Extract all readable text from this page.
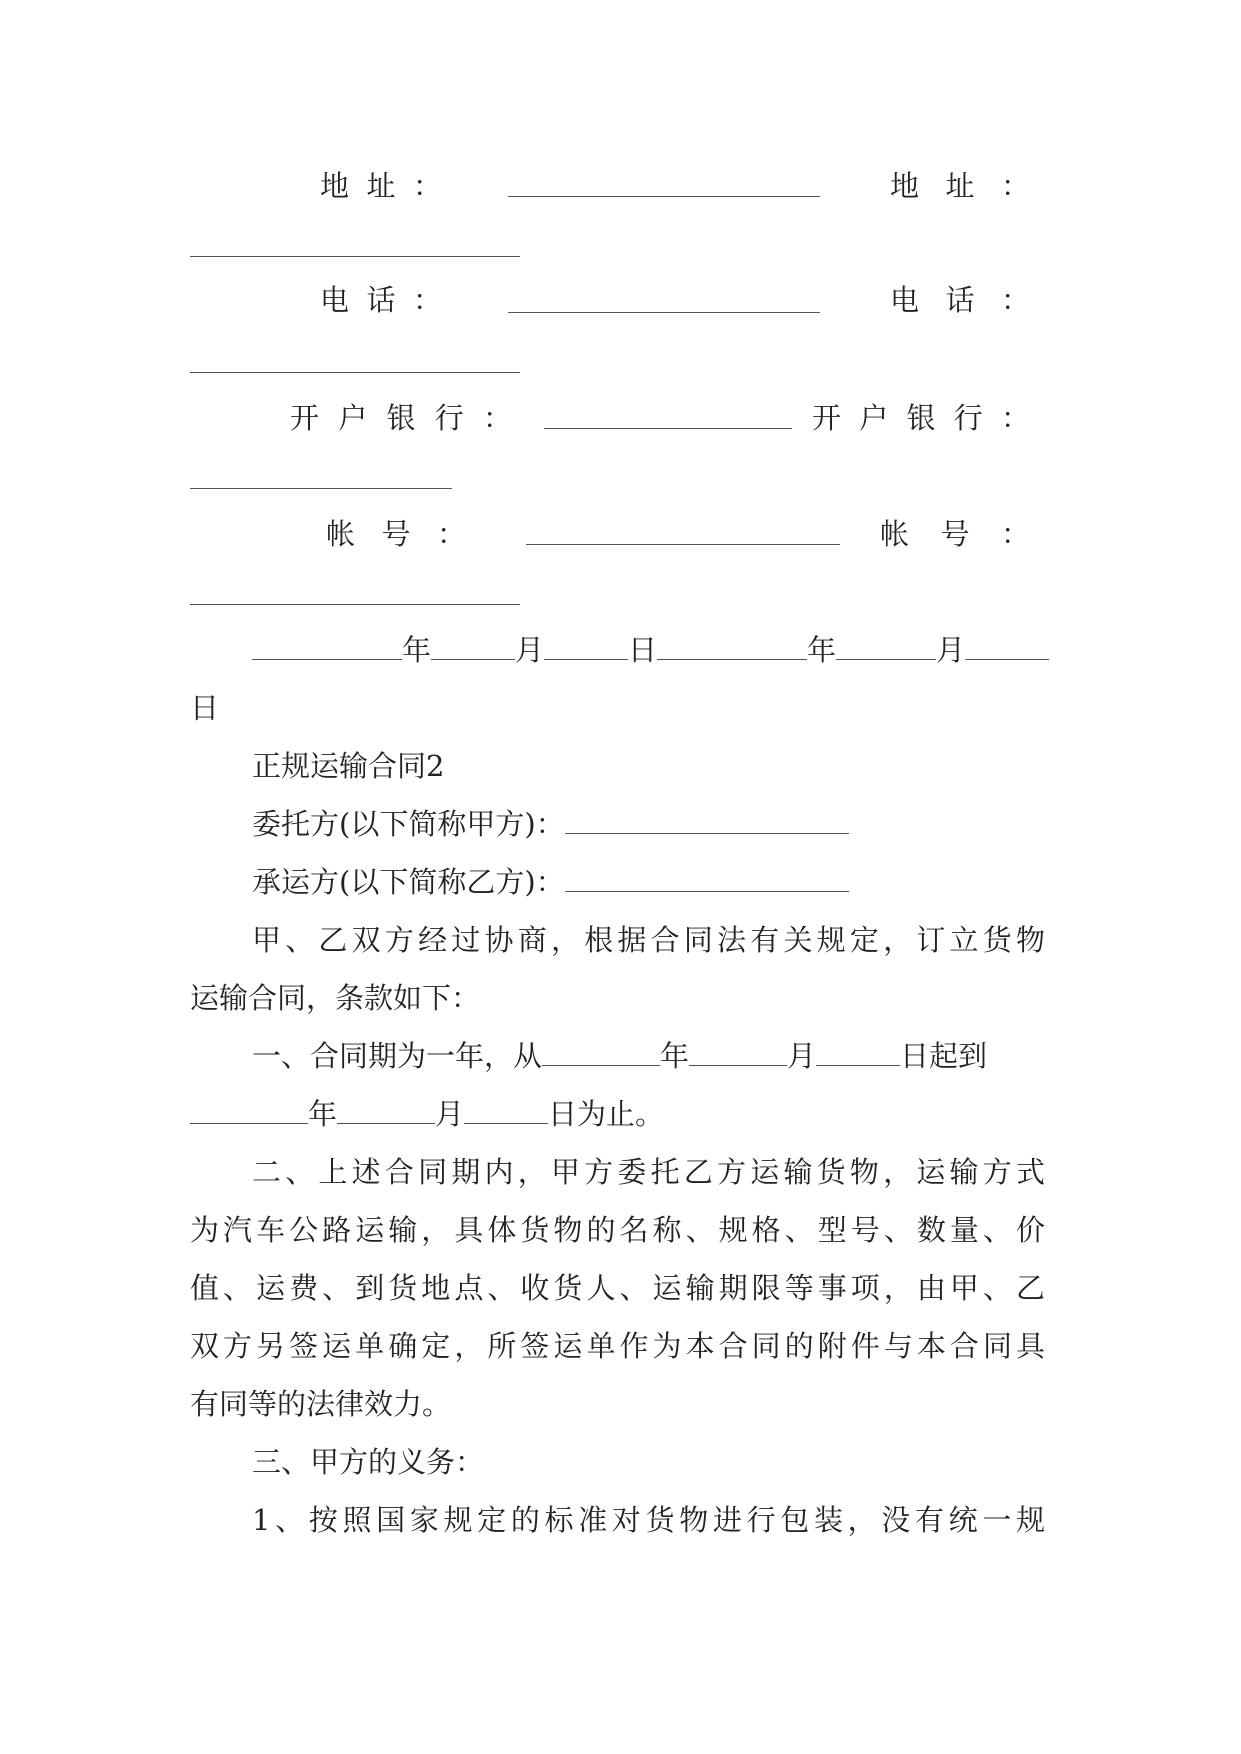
地址：	地址：
电话：	电话：
开户银行：	开户银行：
帐号：	帐号：
年	月	日	年	月
日
正规运输合同2
委托方(以下简称甲方)：
承运方(以下简称乙方)：
甲、乙双方经过协商，根据合同法有关规定，订立货物
运输合同，条款如下：
一、合同期为一年，从	年	月	日起到
年	月	日为止。
二、上述合同期内，甲方委托乙方运输货物，运输方式
为汽车公路运输，具体货物的名称、规格、型号、数量、价
值、运费、到货地点、收货人、运输期限等事项，由甲、乙
双方另签运单确定，所签运单作为本合同的附件与本合同具
有同等的法律效力。
三、甲方的义务：
1、按照国家规定的标准对货物进行包装，没有统一规
